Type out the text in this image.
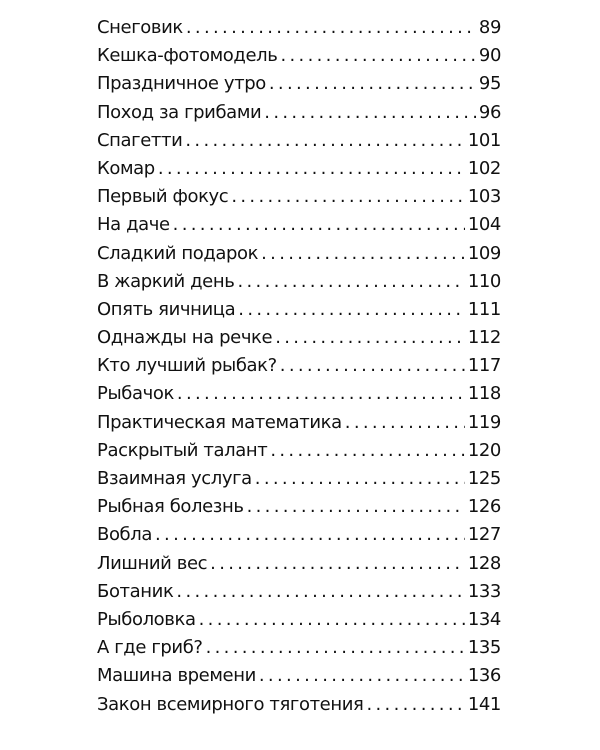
Снеговик . . .	89
Кешка-фотомодель . . .	90
Праздничное утро . . .	95
Поход за грибами . . .	96
Спагетти . . .	101
Комар . . .	102
Первый фокус . . .	103
На даче . . .	104
Сладкий подарок . . .	109
В жаркий день . . .	110
Опять яичница . . .	111
Однажды на речке . . .	112
Кто лучший рыбак? . . .	117
Рыбачок . . .	118
Практическая математика . . .	119
Раскрытый талант . . .	120
Взаимная услуга . . .	125
Рыбная болезнь . . .	126
Вобла . . .	127
Лишний вес . . .	128
Ботаник . . .	133
Рыболовка . . .	134
А где гриб? . . .	135
Машина времени . . .	136
Закон всемирного тяготения . . .	141
